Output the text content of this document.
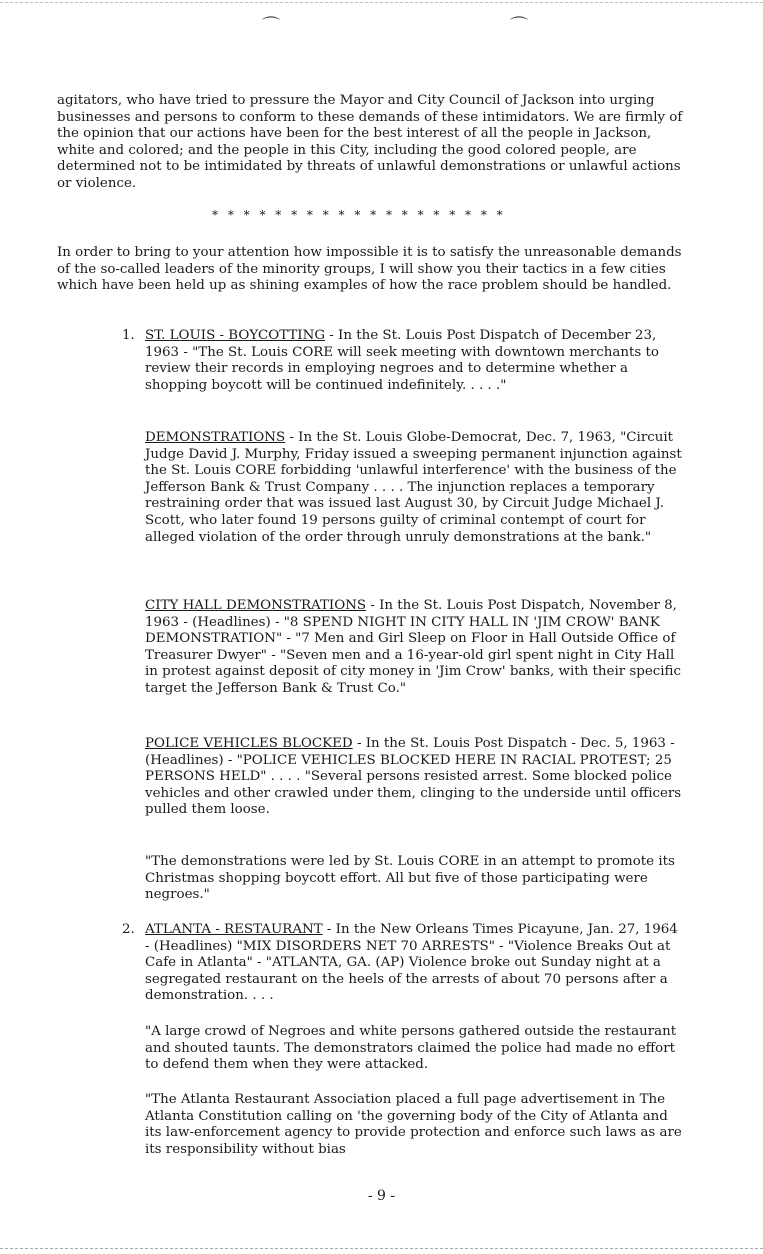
⌒	⌒

agitators, who have tried to pressure the Mayor and City Council of Jackson into urging businesses and persons to conform to these demands of these intimidators. We are firmly of the opinion that our actions have been for the best interest of all the people in Jackson, white and colored; and the people in this City, including the good colored people, are determined not to be intimidated by threats of unlawful demonstrations or unlawful actions or violence.

* * * * * * * * * * * * * * * * * * *

In order to bring to your attention how impossible it is to satisfy the unreasonable demands of the so-called leaders of the minority groups, I will show you their tactics in a few cities which have been held up as shining examples of how the race problem should be handled.

1. ST. LOUIS - BOYCOTTING - In the St. Louis Post Dispatch of December 23, 1963 - "The St. Louis CORE will seek meeting with downtown merchants to review their records in employing negroes and to determine whether a shopping boycott will be continued indefinitely. . . . ."

DEMONSTRATIONS - In the St. Louis Globe-Democrat, Dec. 7, 1963, "Circuit Judge David J. Murphy, Friday issued a sweeping permanent injunction against the St. Louis CORE forbidding 'unlawful interference' with the business of the Jefferson Bank & Trust Company . . . . The injunction replaces a temporary restraining order that was issued last August 30, by Circuit Judge Michael J. Scott, who later found 19 persons guilty of criminal contempt of court for alleged violation of the order through unruly demonstrations at the bank."

CITY HALL DEMONSTRATIONS - In the St. Louis Post Dispatch, November 8, 1963 - (Headlines) - "8 SPEND NIGHT IN CITY HALL IN 'JIM CROW' BANK DEMONSTRATION" - "7 Men and Girl Sleep on Floor in Hall Outside Office of Treasurer Dwyer" - "Seven men and a 16-year-old girl spent night in City Hall in protest against deposit of city money in 'Jim Crow' banks, with their specific target the Jefferson Bank & Trust Co."

POLICE VEHICLES BLOCKED - In the St. Louis Post Dispatch - Dec. 5, 1963 - (Headlines) - "POLICE VEHICLES BLOCKED HERE IN RACIAL PROTEST; 25 PERSONS HELD" . . . . "Several persons resisted arrest. Some blocked police vehicles and other crawled under them, clinging to the underside until officers pulled them loose.

"The demonstrations were led by St. Louis CORE in an attempt to promote its Christmas shopping boycott effort. All but five of those participating were negroes."

2. ATLANTA - RESTAURANT - In the New Orleans Times Picayune, Jan. 27, 1964 - (Headlines) "MIX DISORDERS NET 70 ARRESTS" - "Violence Breaks Out at Cafe in Atlanta" - "ATLANTA, GA. (AP) Violence broke out Sunday night at a segregated restaurant on the heels of the arrests of about 70 persons after a demonstration. . . .

"A large crowd of Negroes and white persons gathered outside the restaurant and shouted taunts. The demonstrators claimed the police had made no effort to defend them when they were attacked.

"The Atlanta Restaurant Association placed a full page advertisement in The Atlanta Constitution calling on 'the governing body of the City of Atlanta and its law-enforcement agency to provide protection and enforce such laws as are its responsibility without bias

- 9 -
